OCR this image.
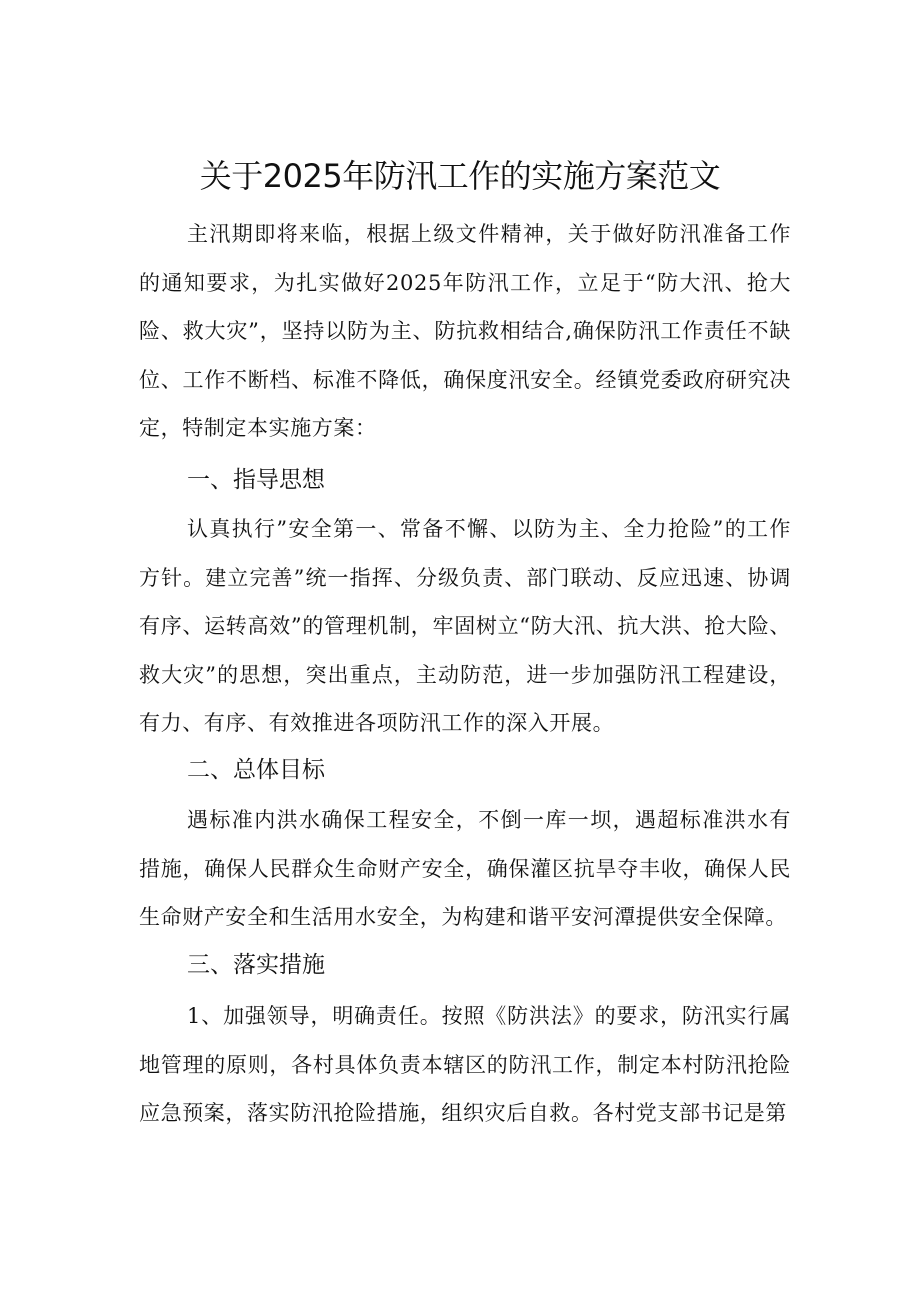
关于2025年防汛工作的实施方案范文

主汛期即将来临，根据上级文件精神，关于做好防汛准备工作的通知要求，为扎实做好2025年防汛工作，立足于“防大汛、抢大险、救大灾”，坚持以防为主、防抗救相结合,确保防汛工作责任不缺位、工作不断档、标准不降低，确保度汛安全。经镇党委政府研究决定，特制定本实施方案：

一、指导思想

认真执行”安全第一、常备不懈、以防为主、全力抢险”的工作方针。建立完善”统一指挥、分级负责、部门联动、反应迅速、协调有序、运转高效”的管理机制，牢固树立“防大汛、抗大洪、抢大险、救大灾”的思想，突出重点，主动防范，进一步加强防汛工程建设，有力、有序、有效推进各项防汛工作的深入开展。

二、总体目标

遇标准内洪水确保工程安全，不倒一库一坝，遇超标准洪水有措施，确保人民群众生命财产安全，确保灌区抗旱夺丰收，确保人民生命财产安全和生活用水安全，为构建和谐平安河潭提供安全保障。

三、落实措施

1、加强领导，明确责任。按照《防洪法》的要求，防汛实行属地管理的原则，各村具体负责本辖区的防汛工作，制定本村防汛抢险应急预案，落实防汛抢险措施，组织灾后自救。各村党支部书记是第
